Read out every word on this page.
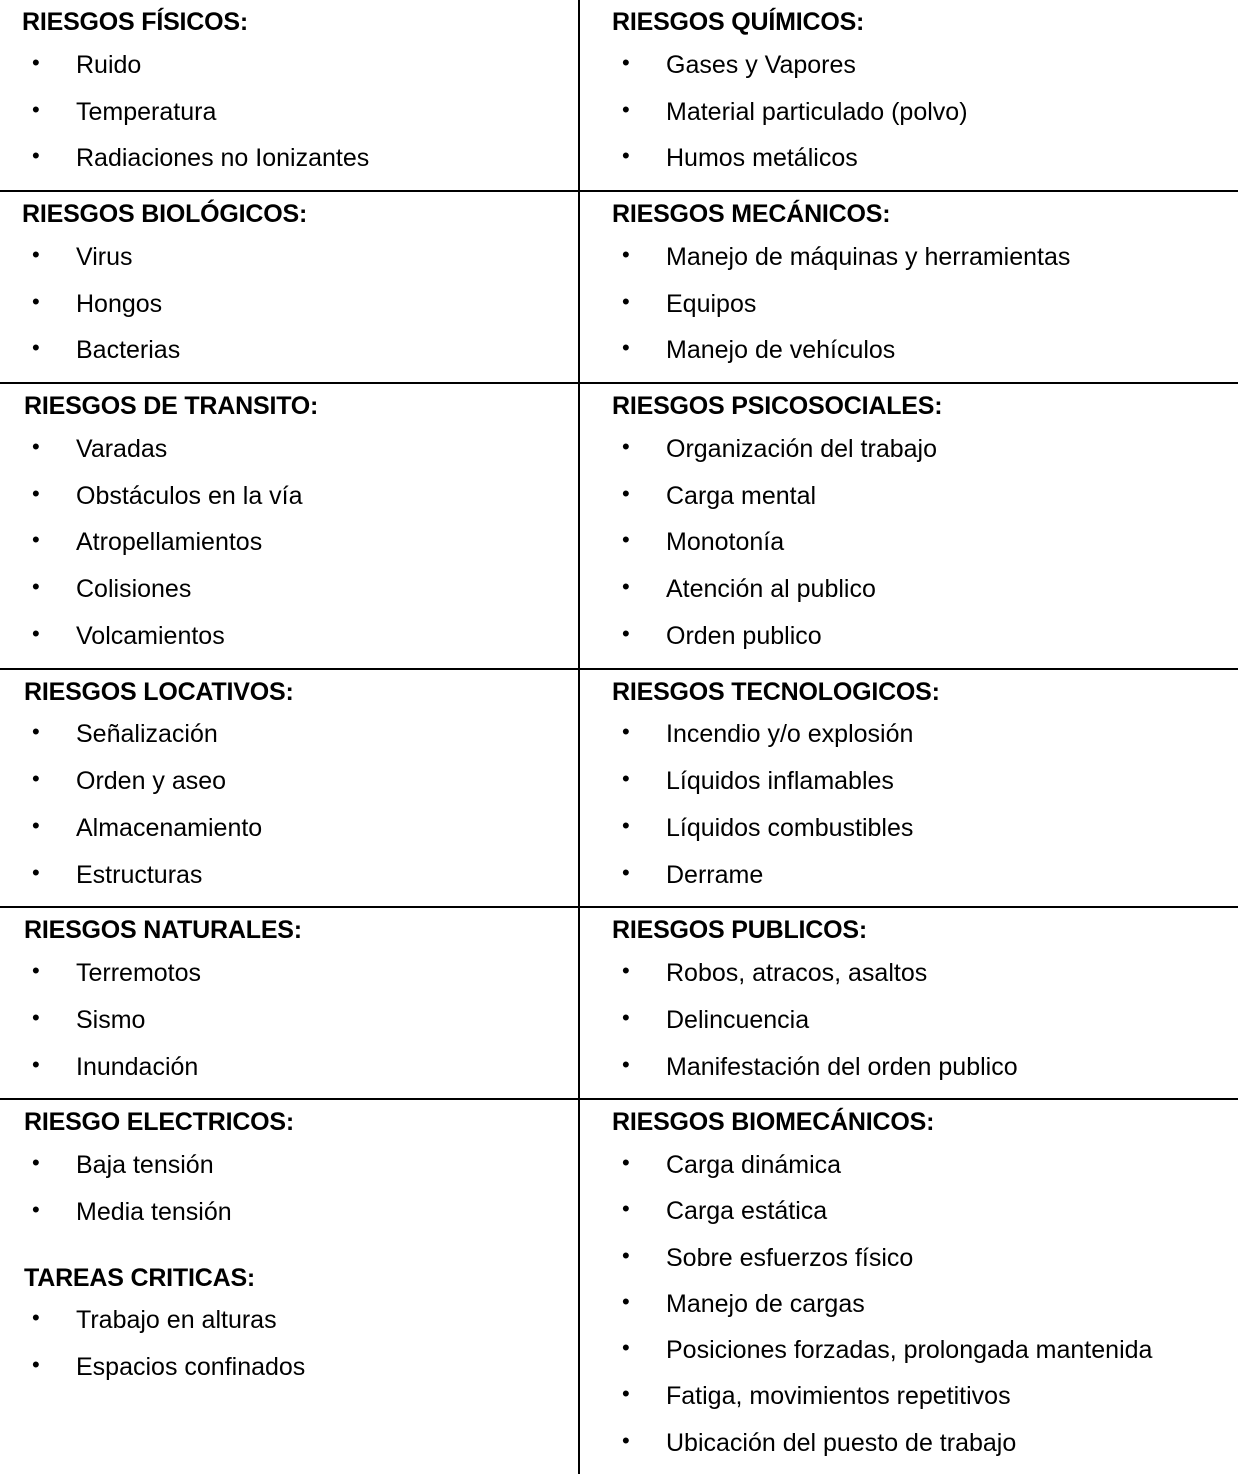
RIESGOS FÍSICOS:
• Ruido
• Temperatura
• Radiaciones no Ionizantes

RIESGOS QUÍMICOS:
• Gases y Vapores
• Material particulado (polvo)
• Humos metálicos

RIESGOS BIOLÓGICOS:
• Virus
• Hongos
• Bacterias

RIESGOS MECÁNICOS:
• Manejo de máquinas y herramientas
• Equipos
• Manejo de vehículos

RIESGOS DE TRANSITO:
• Varadas
• Obstáculos en la vía
• Atropellamientos
• Colisiones
• Volcamientos

RIESGOS PSICOSOCIALES:
• Organización del trabajo
• Carga mental
• Monotonía
• Atención al publico
• Orden publico

RIESGOS LOCATIVOS:
• Señalización
• Orden y aseo
• Almacenamiento
• Estructuras

RIESGOS TECNOLOGICOS:
• Incendio y/o explosión
• Líquidos inflamables
• Líquidos combustibles
• Derrame

RIESGOS NATURALES:
• Terremotos
• Sismo
• Inundación

RIESGOS PUBLICOS:
• Robos, atracos, asaltos
• Delincuencia
• Manifestación del orden publico

RIESGO ELECTRICOS:
• Baja tensión
• Media tensión
TAREAS CRITICAS:
• Trabajo en alturas
• Espacios confinados

RIESGOS BIOMECÁNICOS:
• Carga dinámica
• Carga estática
• Sobre esfuerzos físico
• Manejo de cargas
• Posiciones forzadas, prolongada mantenida
• Fatiga, movimientos repetitivos
• Ubicación del puesto de trabajo
